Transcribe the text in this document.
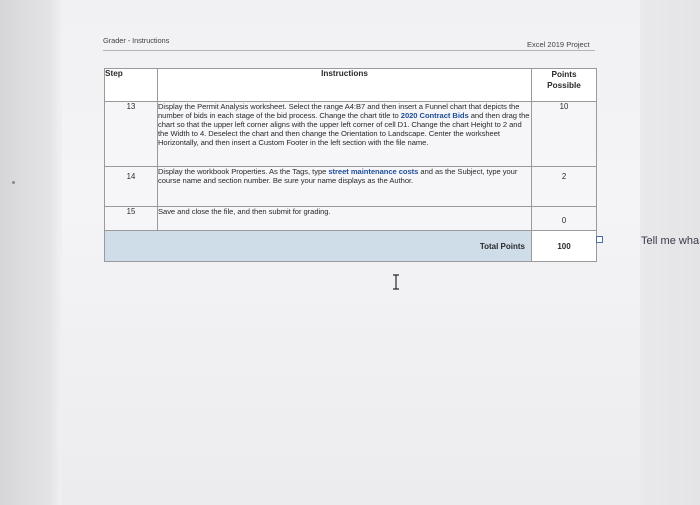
Grader - Instructions	Excel 2019 Project
Step	Instructions	Points
Possible
13	Display the Permit Analysis worksheet. Select the range A4:B7 and then insert a Funnel chart that depicts the number of bids in each stage of the bid process. Change the chart title to 2020 Contract Bids and then drag the chart so that the upper left corner aligns with the upper left corner of cell D1. Change the chart Height to 2 and the Width to 4. Deselect the chart and then change the Orientation to Landscape. Center the worksheet Horizontally, and then insert a Custom Footer in the left section with the file name.	10
14	Display the workbook Properties. As the Tags, type street maintenance costs and as the Subject, type your course name and section number. Be sure your name displays as the Author.	2
15	Save and close the file, and then submit for grading.	0
	Total Points	100	Tell me wha
